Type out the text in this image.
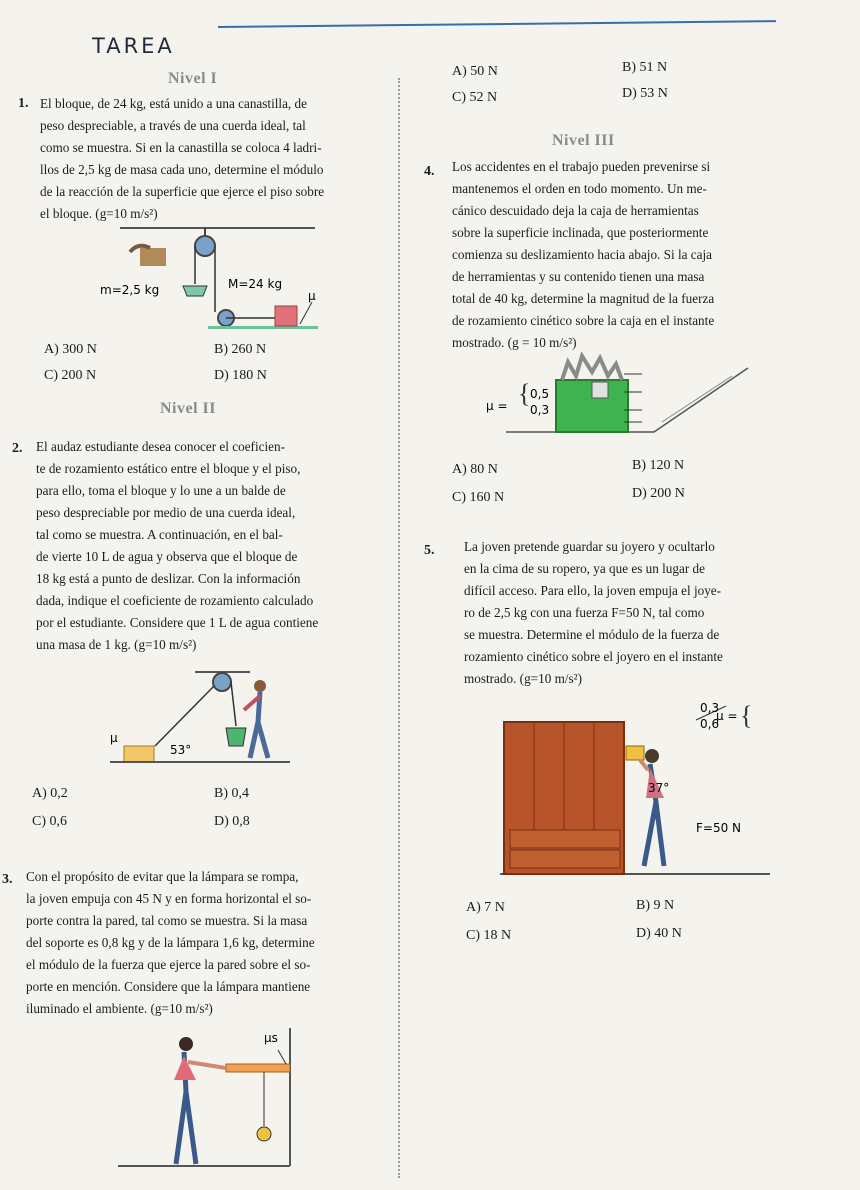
TAREA
Nivel I
1. El bloque, de 24 kg, está unido a una canastilla, de
peso despreciable, a través de una cuerda ideal, tal
como se muestra. Si en la canastilla se coloca 4 ladri-
llos de 2,5 kg de masa cada uno, determine el módulo
de la reacción de la superficie que ejerce el piso sobre
el bloque. (g=10 m/s²)
m=2,5 kg	M=24 kg
μ
A) 300 N	B) 260 N
C) 200 N	D) 180 N
Nivel II
2. El audaz estudiante desea conocer el coeficien-
te de rozamiento estático entre el bloque y el piso,
para ello, toma el bloque y lo une a un balde de
peso despreciable por medio de una cuerda ideal,
tal como se muestra. A continuación, en el bal-
de vierte 10 L de agua y observa que el bloque de
18 kg está a punto de deslizar. Con la información
dada, indique el coeficiente de rozamiento calculado
por el estudiante. Considere que 1 L de agua contiene
una masa de 1 kg. (g=10 m/s²)
μ
53°
A) 0,2	B) 0,4
C) 0,6	D) 0,8
3. Con el propósito de evitar que la lámpara se rompa,
la joven empuja con 45 N y en forma horizontal el so-
porte contra la pared, tal como se muestra. Si la masa
del soporte es 0,8 kg y de la lámpara 1,6 kg, determine
el módulo de la fuerza que ejerce la pared sobre el so-
porte en mención. Considere que la lámpara mantiene
iluminado el ambiente. (g=10 m/s²)
μs
A) 50 N	B) 51 N
C) 52 N	D) 53 N
Nivel III
4. Los accidentes en el trabajo pueden prevenirse si
mantenemos el orden en todo momento. Un me-
cánico descuidado deja la caja de herramientas
sobre la superficie inclinada, que posteriormente
comienza su deslizamiento hacia abajo. Si la caja
de herramientas y su contenido tienen una masa
total de 40 kg, determine la magnitud de la fuerza
de rozamiento cinético sobre la caja en el instante
mostrado. (g = 10 m/s²)
μ = { 0,5
0,3
A) 80 N	B) 120 N
C) 160 N	D) 200 N
5. La joven pretende guardar su joyero y ocultarlo
en la cima de su ropero, ya que es un lugar de
difícil acceso. Para ello, la joven empuja el joye-
ro de 2,5 kg con una fuerza F=50 N, tal como
se muestra. Determine el módulo de la fuerza de
rozamiento cinético sobre el joyero en el instante
mostrado. (g=10 m/s²)
μ = {
0,3
0,6
37°
F=50 N
A) 7 N	B) 9 N
C) 18 N	D) 40 N
